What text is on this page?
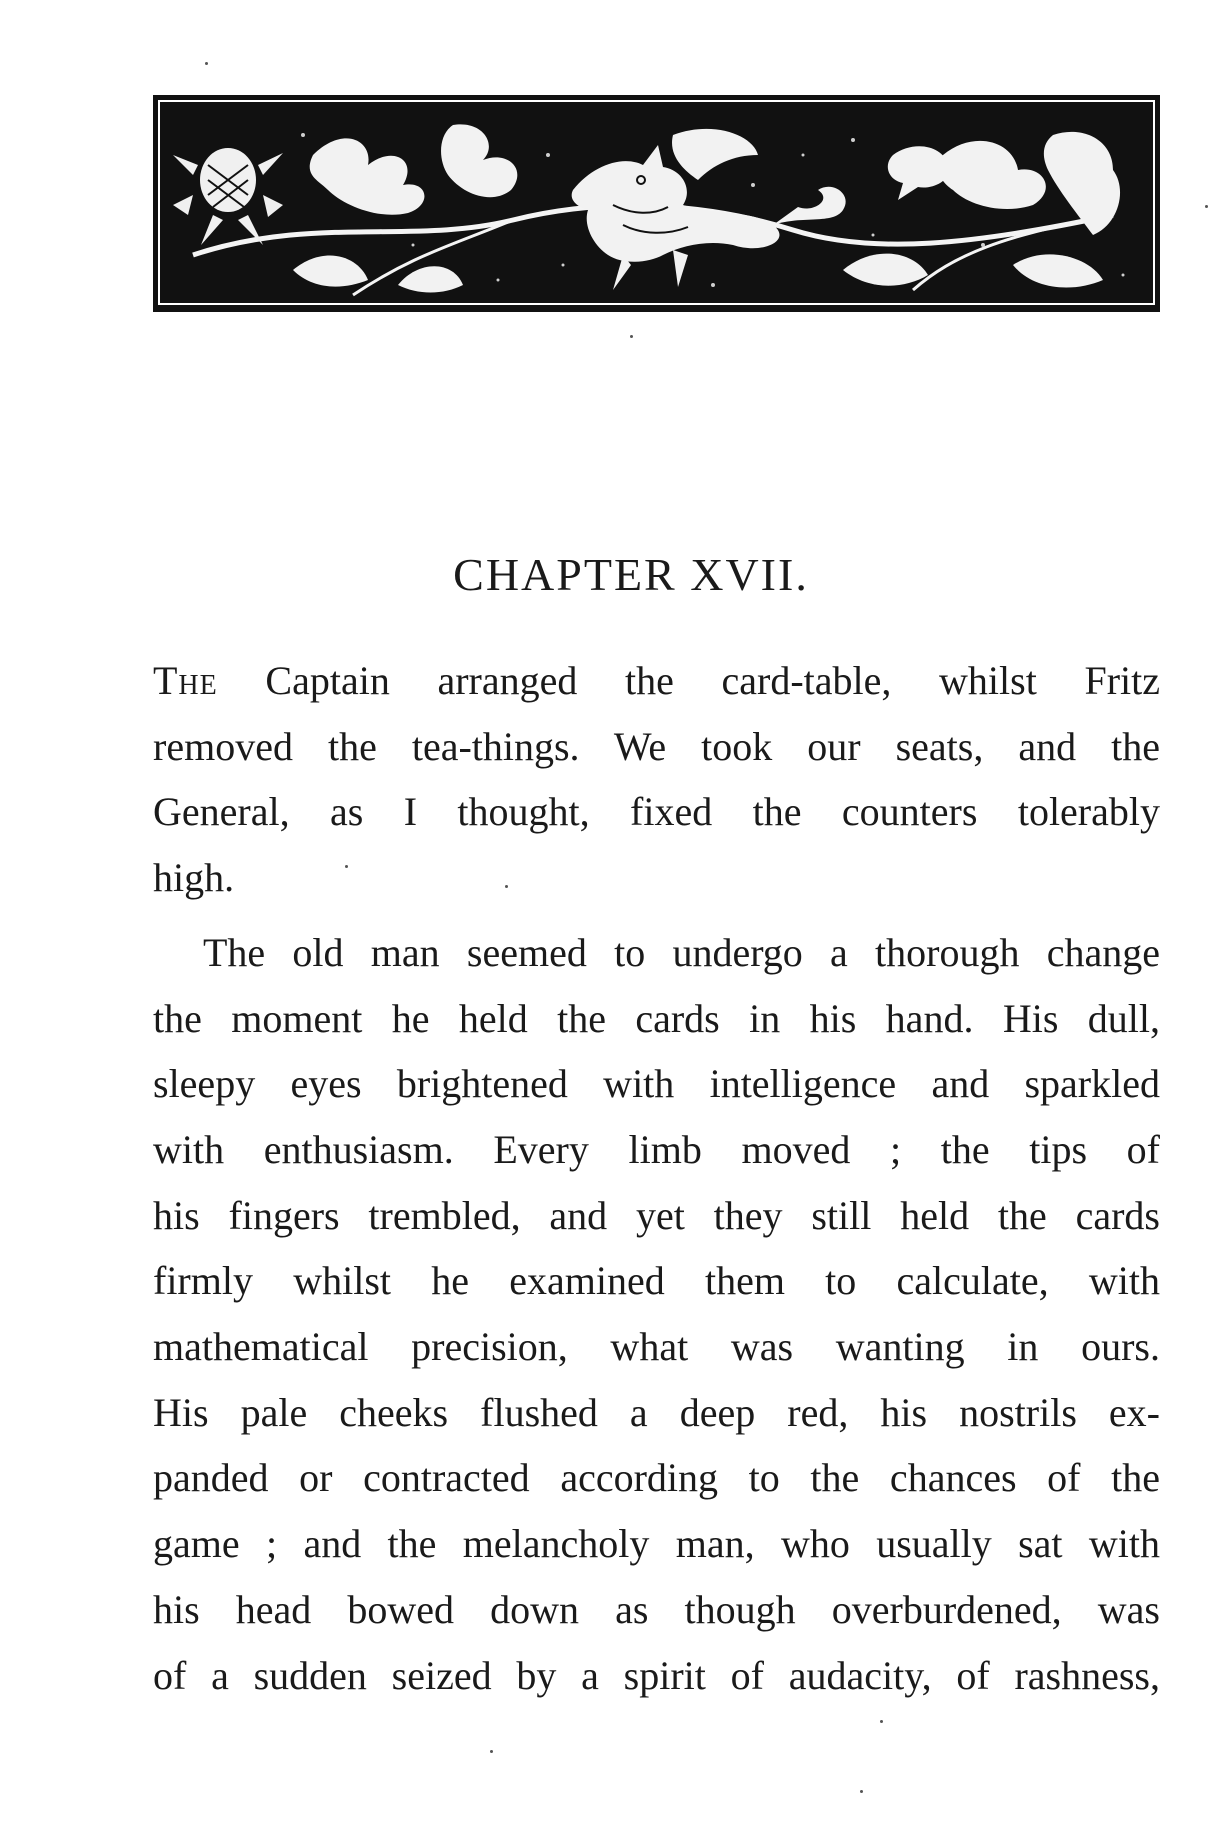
CHAPTER XVII.

The Captain arranged the card-table, whilst Fritz
removed the tea-things. We took our seats, and the
General, as I thought, fixed the counters tolerably
high.

The old man seemed to undergo a thorough change
the moment he held the cards in his hand. His dull,
sleepy eyes brightened with intelligence and sparkled
with enthusiasm. Every limb moved ; the tips of
his fingers trembled, and yet they still held the cards
firmly whilst he examined them to calculate, with
mathematical precision, what was wanting in ours.
His pale cheeks flushed a deep red, his nostrils ex-
panded or contracted according to the chances of the
game ; and the melancholy man, who usually sat with
his head bowed down as though overburdened, was
of a sudden seized by a spirit of audacity, of rashness,
